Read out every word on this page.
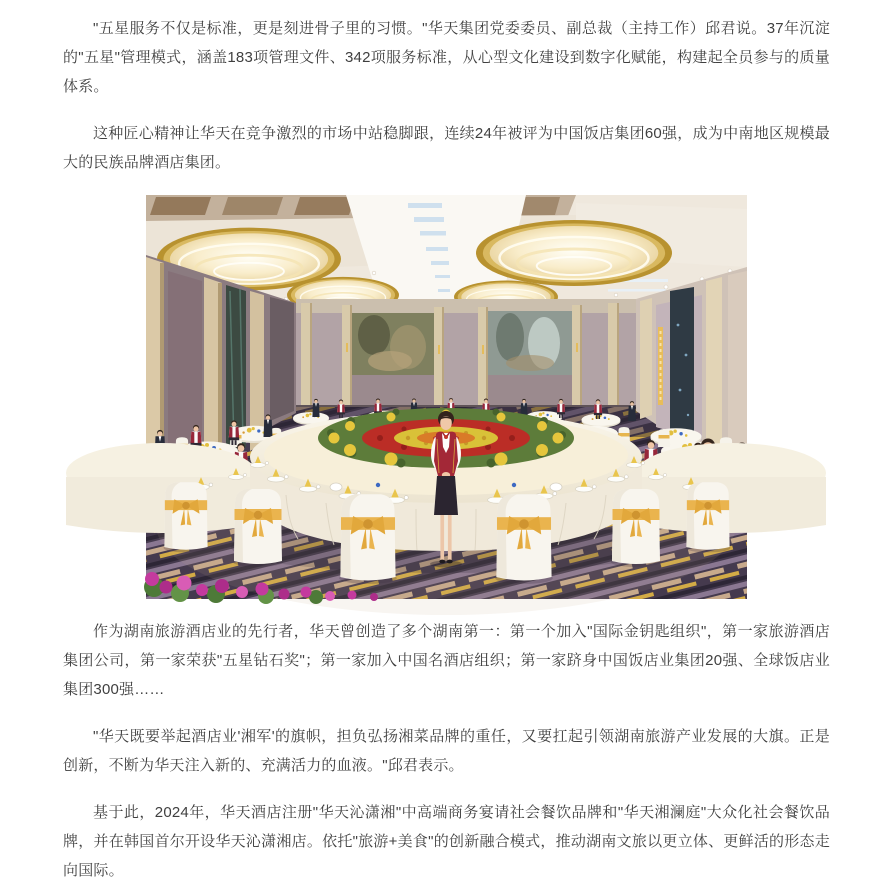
"五星服务不仅是标准，更是刻进骨子里的习惯。"华天集团党委委员、副总裁（主持工作）邱君说。37年沉淀的"五星"管理模式，涵盖183项管理文件、342项服务标准，从心型文化建设到数字化赋能，构建起全员参与的质量体系。

这种匠心精神让华天在竞争激烈的市场中站稳脚跟，连续24年被评为中国饭店集团60强，成为中南地区规模最大的民族品牌酒店集团。

作为湖南旅游酒店业的先行者，华天曾创造了多个湖南第一：第一个加入"国际金钥匙组织"，第一家旅游酒店集团公司，第一家荣获"五星钻石奖"；第一家加入中国名酒店组织；第一家跻身中国饭店业集团20强、全球饭店业集团300强……

"华天既要举起酒店业'湘军'的旗帜，担负弘扬湘菜品牌的重任，又要扛起引领湖南旅游产业发展的大旗。正是创新，不断为华天注入新的、充满活力的血液。"邱君表示。

基于此，2024年，华天酒店注册"华天沁潇湘"中高端商务宴请社会餐饮品牌和"华天湘澜庭"大众化社会餐饮品牌，并在韩国首尔开设华天沁潇湘店。依托"旅游+美食"的创新融合模式，推动湖南文旅以更立体、更鲜活的形态走向国际。
